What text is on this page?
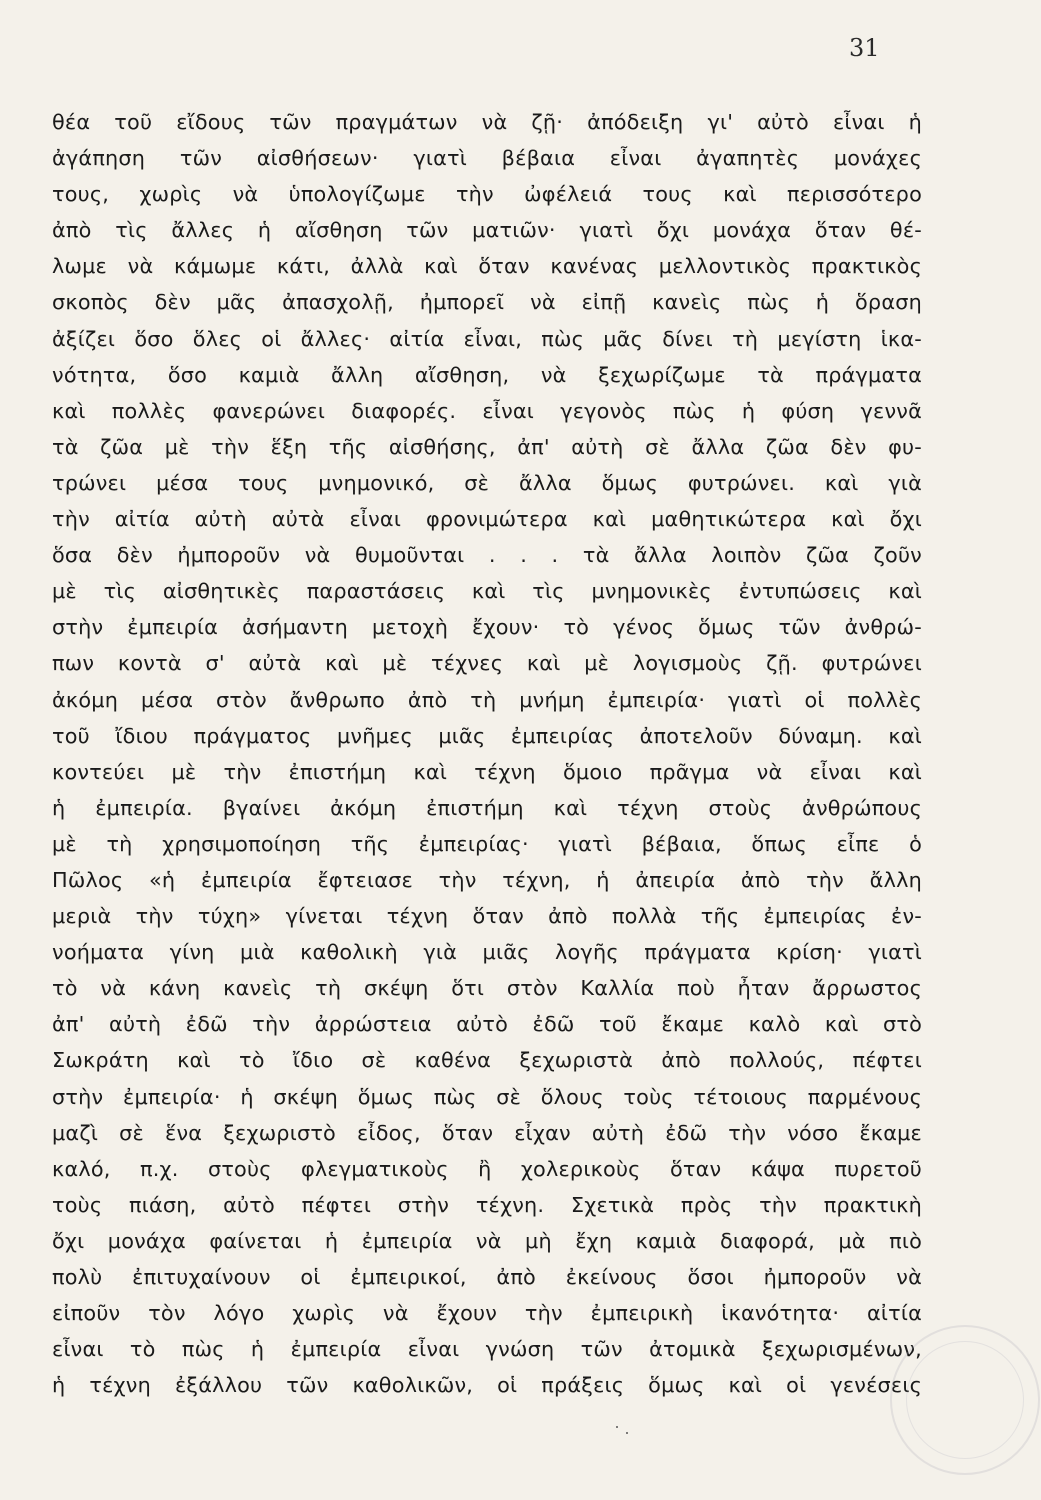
31
θέα τοῦ εἴδους τῶν πραγμάτων νὰ ζῇ· ἀπόδειξη γι' αὐτὸ εἶναι ἡ
ἀγάπηση τῶν αἰσθήσεων· γιατὶ βέβαια εἶναι ἀγαπητὲς μονάχες
τους, χωρὶς νὰ ὑπολογίζωμε τὴν ὠφέλειά τους καὶ περισσότερο
ἀπὸ τὶς ἄλλες ἡ αἴσθηση τῶν ματιῶν· γιατὶ ὄχι μονάχα ὅταν θέ-
λωμε νὰ κάμωμε κάτι, ἀλλὰ καὶ ὅταν κανένας μελλοντικὸς πρακτικὸς
σκοπὸς δὲν μᾶς ἀπασχολῇ, ἠμπορεῖ νὰ εἰπῇ κανεὶς πὼς ἡ ὅραση
ἀξίζει ὅσο ὅλες οἱ ἄλλες· αἰτία εἶναι, πὼς μᾶς δίνει τὴ μεγίστη ἱκα-
νότητα, ὅσο καμιὰ ἄλλη αἴσθηση, νὰ ξεχωρίζωμε τὰ πράγματα
καὶ πολλὲς φανερώνει διαφορές. εἶναι γεγονὸς πὼς ἡ φύση γεννᾶ
τὰ ζῶα μὲ τὴν ἕξη τῆς αἰσθήσης, ἀπ' αὐτὴ σὲ ἄλλα ζῶα δὲν φυ-
τρώνει μέσα τους μνημονικό, σὲ ἄλλα ὅμως φυτρώνει. καὶ γιὰ
τὴν αἰτία αὐτὴ αὐτὰ εἶναι φρονιμώτερα καὶ μαθητικώτερα καὶ ὄχι
ὅσα δὲν ἠμποροῦν νὰ θυμοῦνται . . . τὰ ἄλλα λοιπὸν ζῶα ζοῦν
μὲ τὶς αἰσθητικὲς παραστάσεις καὶ τὶς μνημονικὲς ἐντυπώσεις καὶ
στὴν ἐμπειρία ἀσήμαντη μετοχὴ ἔχουν· τὸ γένος ὅμως τῶν ἀνθρώ-
πων κοντὰ σ' αὐτὰ καὶ μὲ τέχνες καὶ μὲ λογισμοὺς ζῇ. φυτρώνει
ἀκόμη μέσα στὸν ἄνθρωπο ἀπὸ τὴ μνήμη ἐμπειρία· γιατὶ οἱ πολλὲς
τοῦ ἴδιου πράγματος μνῆμες μιᾶς ἐμπειρίας ἀποτελοῦν δύναμη. καὶ
κοντεύει μὲ τὴν ἐπιστήμη καὶ τέχνη ὅμοιο πρᾶγμα νὰ εἶναι καὶ
ἡ ἐμπειρία. βγαίνει ἀκόμη ἐπιστήμη καὶ τέχνη στοὺς ἀνθρώπους
μὲ τὴ χρησιμοποίηση τῆς ἐμπειρίας· γιατὶ βέβαια, ὅπως εἶπε ὁ
Πῶλος «ἡ ἐμπειρία ἔφτειασε τὴν τέχνη, ἡ ἀπειρία ἀπὸ τὴν ἄλλη
μεριὰ τὴν τύχη» γίνεται τέχνη ὅταν ἀπὸ πολλὰ τῆς ἐμπειρίας ἐν-
νοήματα γίνη μιὰ καθολικὴ γιὰ μιᾶς λογῆς πράγματα κρίση· γιατὶ
τὸ νὰ κάνη κανεὶς τὴ σκέψη ὅτι στὸν Καλλία ποὺ ἦταν ἄρρωστος
ἀπ' αὐτὴ ἐδῶ τὴν ἀρρώστεια αὐτὸ ἐδῶ τοῦ ἔκαμε καλὸ καὶ στὸ
Σωκράτη καὶ τὸ ἴδιο σὲ καθένα ξεχωριστὰ ἀπὸ πολλούς, πέφτει
στὴν ἐμπειρία· ἡ σκέψη ὅμως πὼς σὲ ὅλους τοὺς τέτοιους παρμένους
μαζὶ σὲ ἕνα ξεχωριστὸ εἶδος, ὅταν εἶχαν αὐτὴ ἐδῶ τὴν νόσο ἔκαμε
καλό, π.χ. στοὺς φλεγματικοὺς ἢ χολερικοὺς ὅταν κάψα πυρετοῦ
τοὺς πιάση, αὐτὸ πέφτει στὴν τέχνη. Σχετικὰ πρὸς τὴν πρακτικὴ
ὄχι μονάχα φαίνεται ἡ ἐμπειρία νὰ μὴ ἔχη καμιὰ διαφορά, μὰ πιὸ
πολὺ ἐπιτυχαίνουν οἱ ἐμπειρικοί, ἀπὸ ἐκείνους ὅσοι ἠμποροῦν νὰ
εἰποῦν τὸν λόγο χωρὶς νὰ ἔχουν τὴν ἐμπειρικὴ ἱκανότητα· αἰτία
εἶναι τὸ πὼς ἡ ἐμπειρία εἶναι γνώση τῶν ἀτομικὰ ξεχωρισμένων,
ἡ τέχνη ἐξάλλου τῶν καθολικῶν, οἱ πράξεις ὅμως καὶ οἱ γενέσεις
